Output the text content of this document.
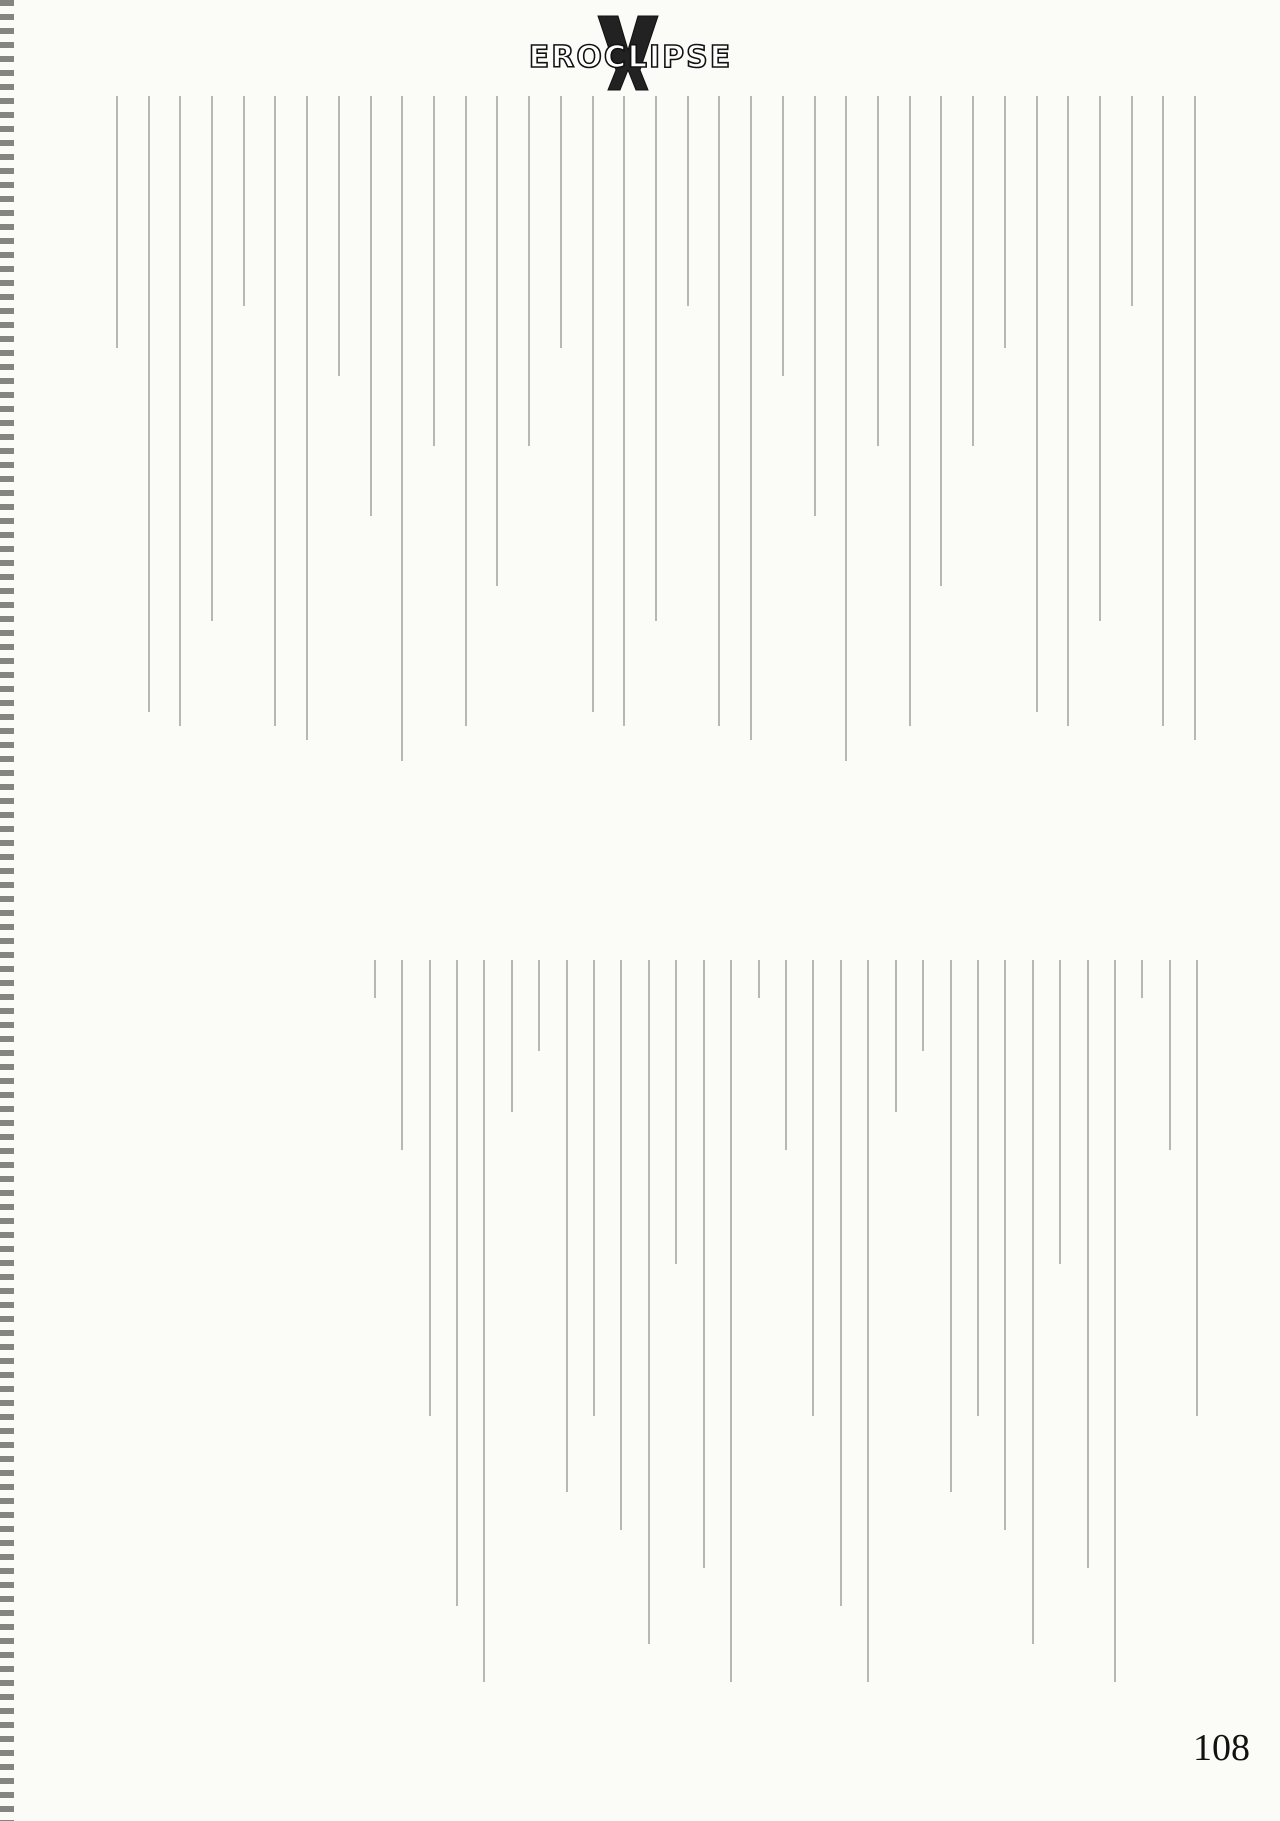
EROCLIPSE
108
